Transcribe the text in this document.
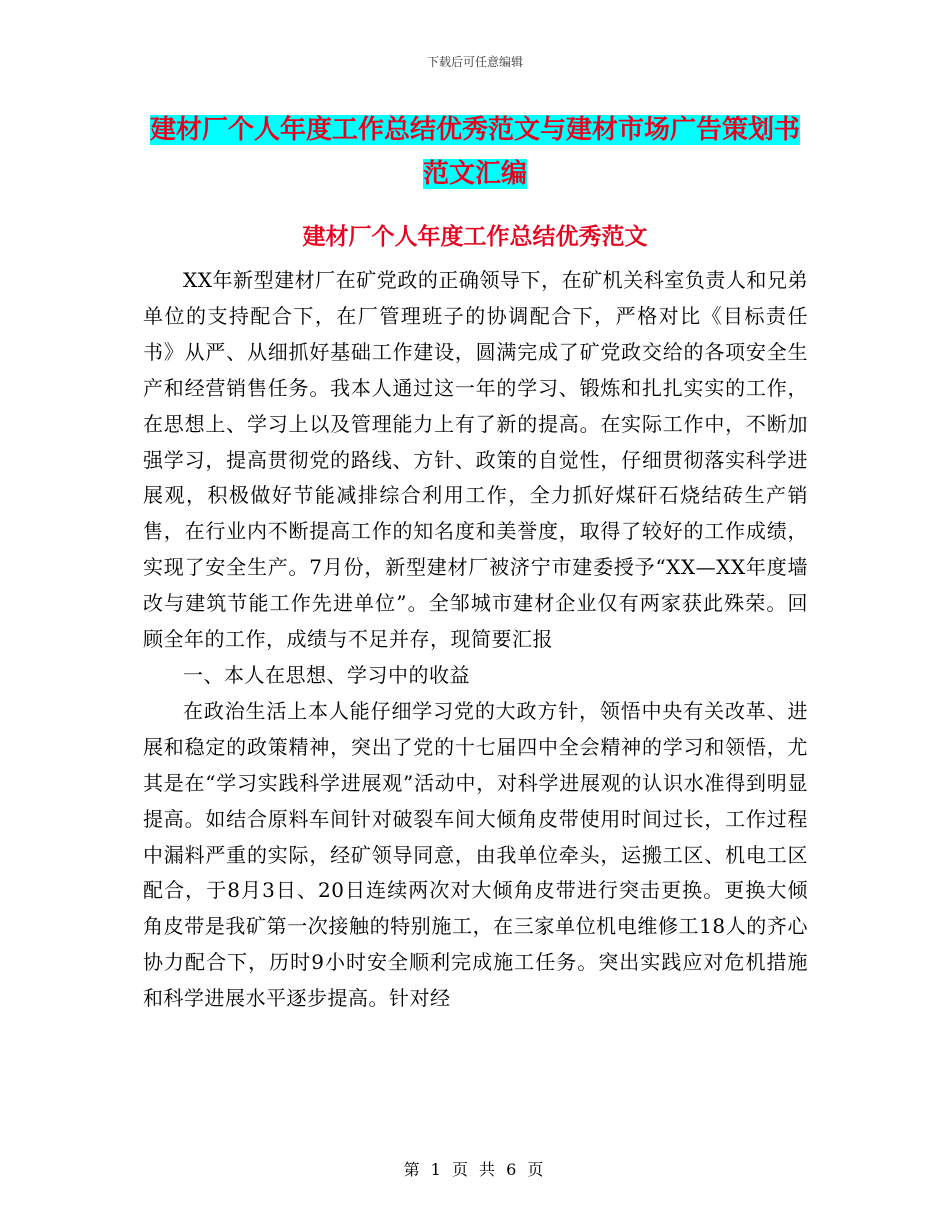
下载后可任意编辑
建材厂个人年度工作总结优秀范文与建材市场广告策划书范文汇编
建材厂个人年度工作总结优秀范文

XX年新型建材厂在矿党政的正确领导下，在矿机关科室负责人和兄弟单位的支持配合下，在厂管理班子的协调配合下，严格对比《目标责任书》从严、从细抓好基础工作建设，圆满完成了矿党政交给的各项安全生产和经营销售任务。我本人通过这一年的学习、锻炼和扎扎实实的工作，在思想上、学习上以及管理能力上有了新的提高。在实际工作中，不断加强学习，提高贯彻党的路线、方针、政策的自觉性，仔细贯彻落实科学进展观，积极做好节能减排综合利用工作，全力抓好煤矸石烧结砖生产销售，在行业内不断提高工作的知名度和美誉度，取得了较好的工作成绩，实现了安全生产。7月份，新型建材厂被济宁市建委授予“XX—XX年度墙改与建筑节能工作先进单位”。全邹城市建材企业仅有两家获此殊荣。回顾全年的工作，成绩与不足并存，现简要汇报

一、本人在思想、学习中的收益

在政治生活上本人能仔细学习党的大政方针，领悟中央有关改革、进展和稳定的政策精神，突出了党的十七届四中全会精神的学习和领悟，尤其是在“学习实践科学进展观”活动中，对科学进展观的认识水准得到明显提高。如结合原料车间针对破裂车间大倾角皮带使用时间过长，工作过程中漏料严重的实际，经矿领导同意，由我单位牵头，运搬工区、机电工区配合，于8月3日、20日连续两次对大倾角皮带进行突击更换。更换大倾角皮带是我矿第一次接触的特别施工，在三家单位机电维修工18人的齐心协力配合下，历时9小时安全顺利完成施工任务。突出实践应对危机措施和科学进展水平逐步提高。针对经

第 1 页 共 6 页
